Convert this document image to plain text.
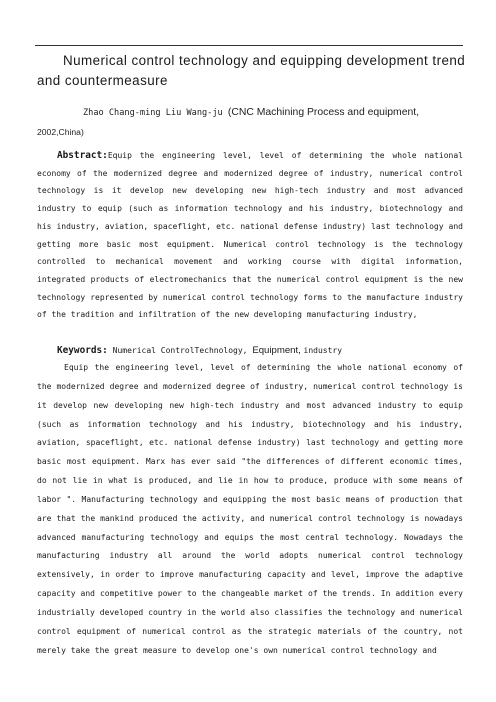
Numerical control technology and equipping development trend and countermeasure
Zhao Chang-ming Liu Wang-ju (CNC Machining Process and equipment, 2002,China)
Abstract:Equip the engineering level, level of determining the whole national economy of the modernized degree and modernized degree of industry, numerical control technology is it develop new developing new high-tech industry and most advanced industry to equip (such as information technology and his industry, biotechnology and his industry, aviation, spaceflight, etc. national defense industry) last technology and getting more basic most equipment. Numerical control technology is the technology controlled to mechanical movement and working course with digital information, integrated products of electromechanics that the numerical control equipment is the new technology represented by numerical control technology forms to the manufacture industry of the tradition and infiltration of the new developing manufacturing industry,
Keywords: Numerical ControlTechnology, Equipment, industry
Equip the engineering level, level of determining the whole national economy of the modernized degree and modernized degree of industry, numerical control technology is it develop new developing new high-tech industry and most advanced industry to equip (such as information technology and his industry, biotechnology and his industry, aviation, spaceflight, etc. national defense industry) last technology and getting more basic most equipment. Marx has ever said "the differences of different economic times, do not lie in what is produced, and lie in how to produce, produce with some means of labor ". Manufacturing technology and equipping the most basic means of production that are that the mankind produced the activity, and numerical control technology is nowadays advanced manufacturing technology and equips the most central technology. Nowadays the manufacturing industry all around the world adopts numerical control technology extensively, in order to improve manufacturing capacity and level, improve the adaptive capacity and competitive power to the changeable market of the trends. In addition every industrially developed country in the world also classifies the technology and numerical control equipment of numerical control as the strategic materials of the country, not merely take the great measure to develop one's own numerical control technology and
